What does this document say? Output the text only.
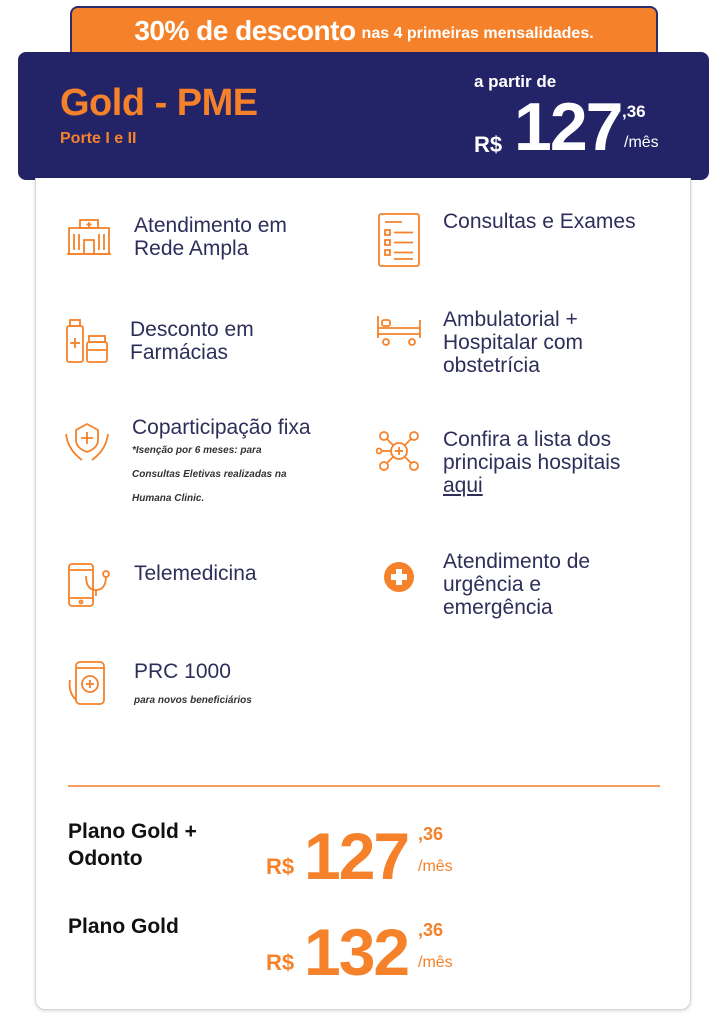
30% de desconto nas 4 primeiras mensalidades.
Gold - PME
Porte I e II
a partir de
R$ 127 ,36
/mês
Atendimento em
Rede Ampla
Consultas e Exames
Desconto em
Farmácias
Ambulatorial +
Hospitalar com
obstetrícia
Coparticipação fixa
*Isenção por 6 meses: para
Consultas Eletivas realizadas na
Humana Clinic.
Confira a lista dos
principais hospitais
aqui
Telemedicina
Atendimento de
urgência e
emergência
PRC 1000
para novos beneficiários
Plano Gold +
Odonto	R$ 127 ,36
/mês
Plano Gold
R$ 132 ,36
/mês
